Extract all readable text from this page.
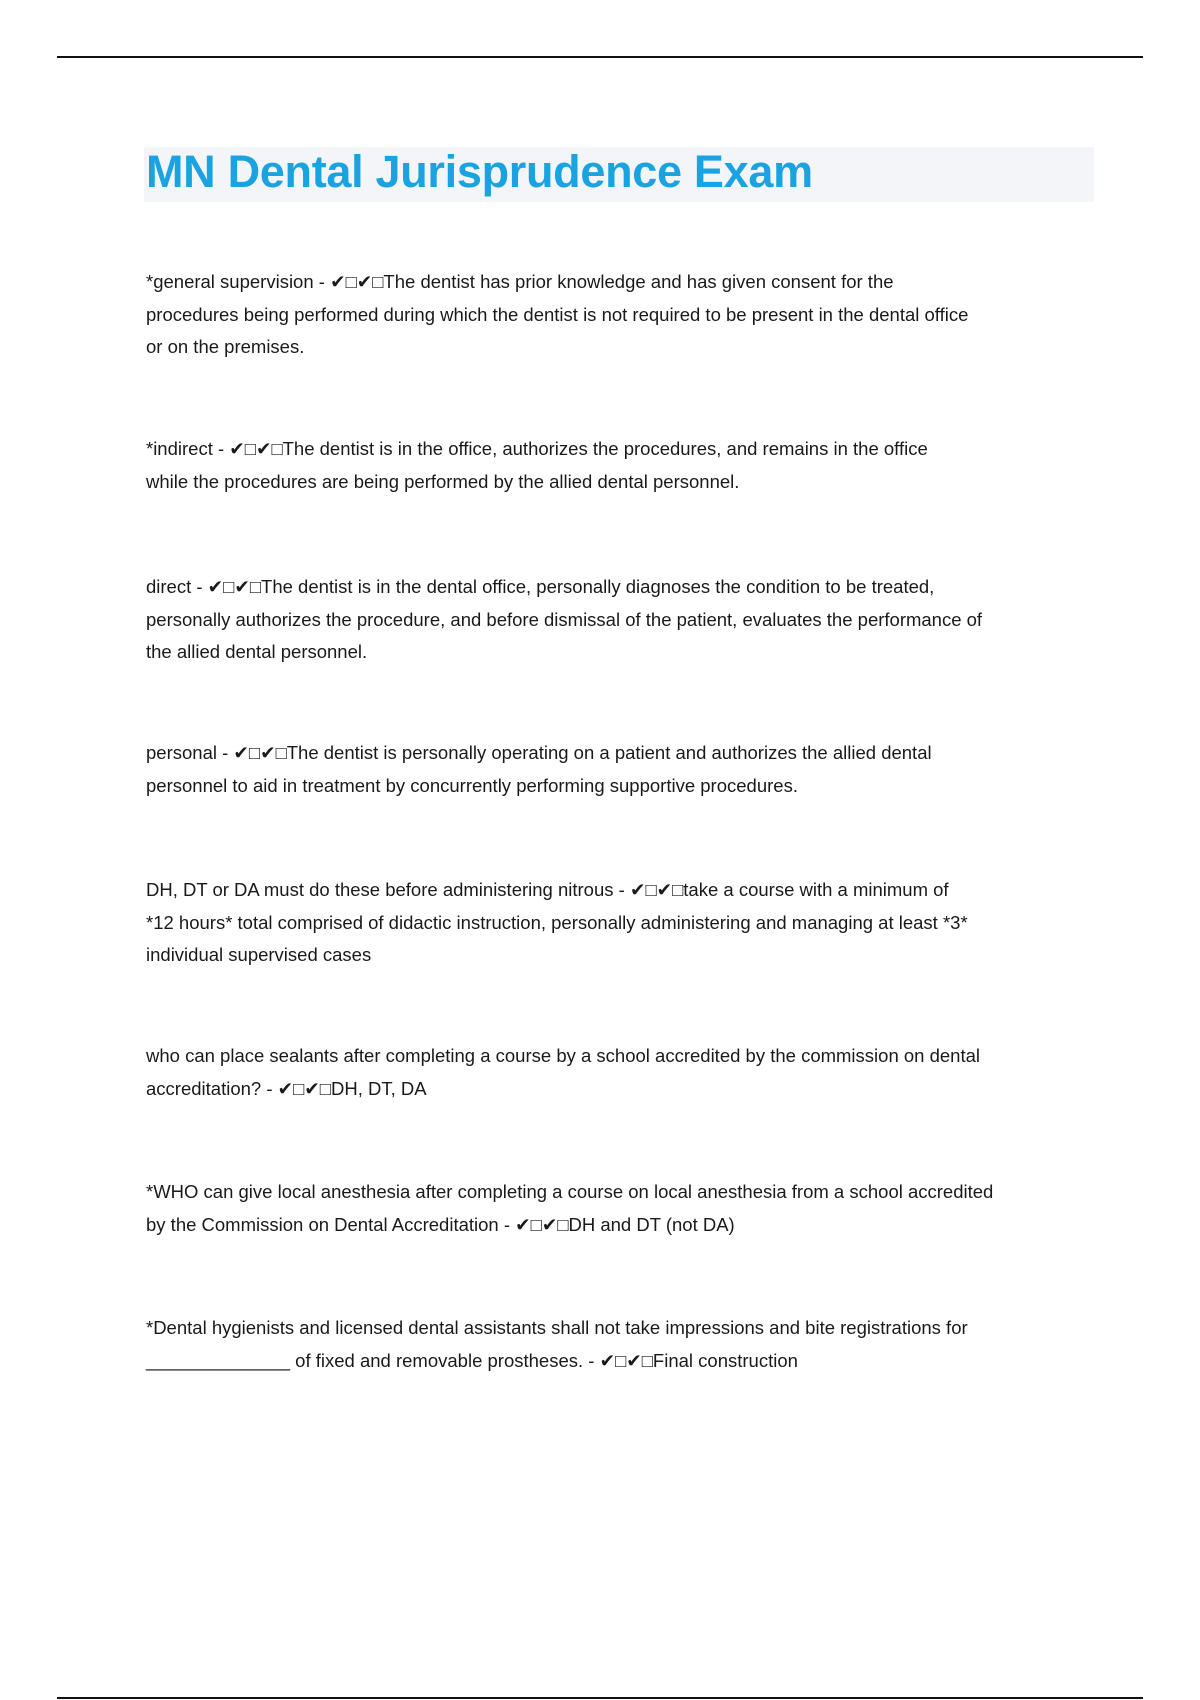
MN Dental Jurisprudence Exam
*general supervision - ✔□✔□The dentist has prior knowledge and has given consent for the
procedures being performed during which the dentist is not required to be present in the dental office
or on the premises.
*indirect - ✔□✔□The dentist is in the office, authorizes the procedures, and remains in the office
while the procedures are being performed by the allied dental personnel.
direct - ✔□✔□The dentist is in the dental office, personally diagnoses the condition to be treated,
personally authorizes the procedure, and before dismissal of the patient, evaluates the performance of
the allied dental personnel.
personal - ✔□✔□The dentist is personally operating on a patient and authorizes the allied dental
personnel to aid in treatment by concurrently performing supportive procedures.
DH, DT or DA must do these before administering nitrous - ✔□✔□take a course with a minimum of
*12 hours* total comprised of didactic instruction, personally administering and managing at least *3*
individual supervised cases
who can place sealants after completing a course by a school accredited by the commission on dental
accreditation? - ✔□✔□DH, DT, DA
*WHO can give local anesthesia after completing a course on local anesthesia from a school accredited
by the Commission on Dental Accreditation - ✔□✔□DH and DT (not DA)
*Dental hygienists and licensed dental assistants shall not take impressions and bite registrations for
______________ of fixed and removable prostheses. - ✔□✔□Final construction
